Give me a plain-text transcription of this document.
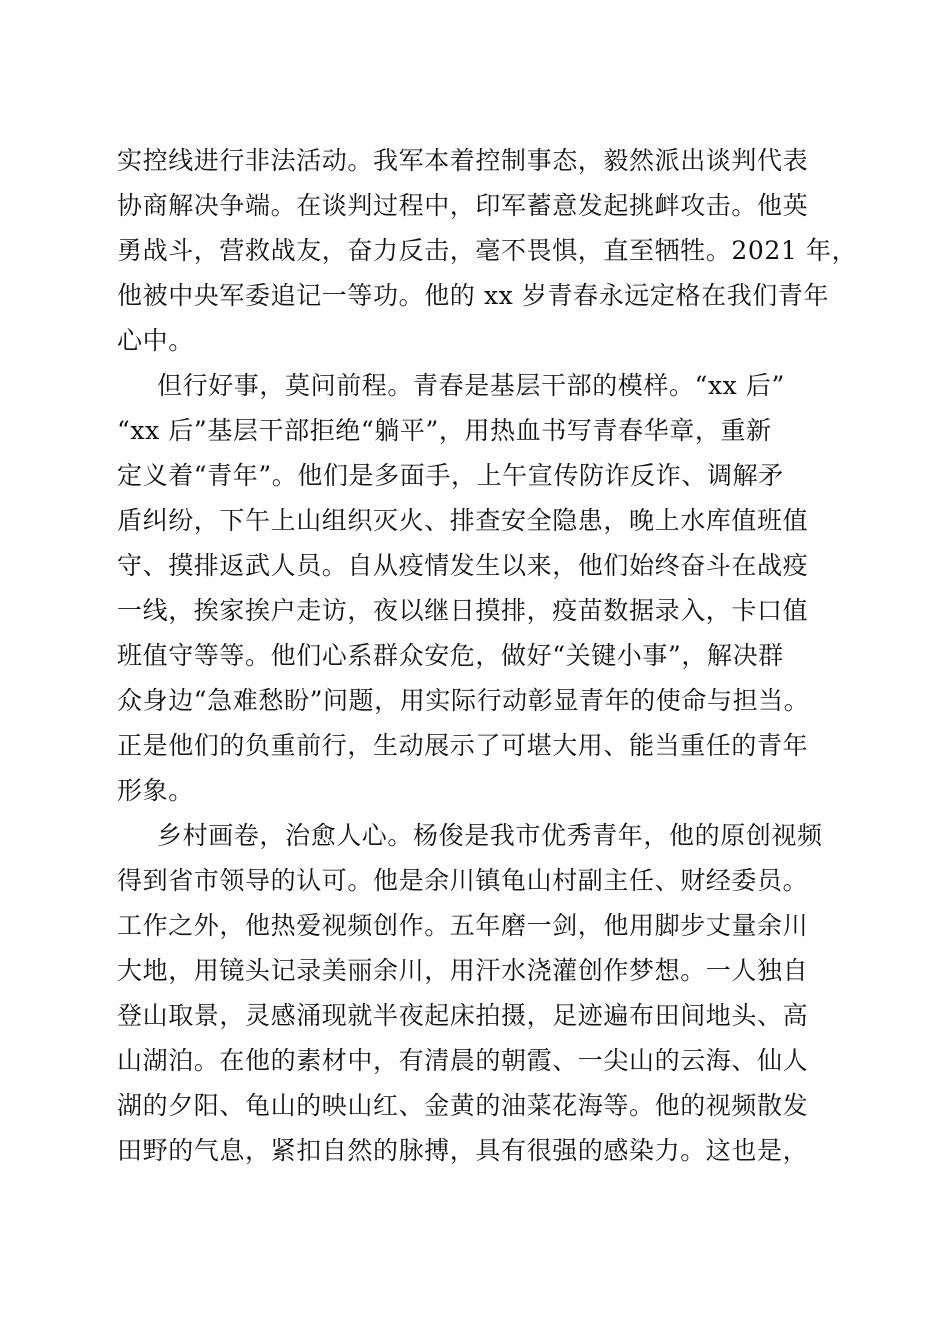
实控线进行非法活动。我军本着控制事态，毅然派出谈判代表
协商解决争端。在谈判过程中，印军蓄意发起挑衅攻击。他英
勇战斗，营救战友，奋力反击，毫不畏惧，直至牺牲。2021 年，
他被中央军委追记一等功。他的 xx 岁青春永远定格在我们青年
心中。
但行好事，莫问前程。青春是基层干部的模样。“xx 后”
“xx 后”基层干部拒绝“躺平”，用热血书写青春华章，重新
定义着“青年”。他们是多面手，上午宣传防诈反诈、调解矛
盾纠纷，下午上山组织灭火、排查安全隐患，晚上水库值班值
守、摸排返武人员。自从疫情发生以来，他们始终奋斗在战疫
一线，挨家挨户走访，夜以继日摸排，疫苗数据录入，卡口值
班值守等等。他们心系群众安危，做好“关键小事”，解决群
众身边“急难愁盼”问题，用实际行动彰显青年的使命与担当。
正是他们的负重前行，生动展示了可堪大用、能当重任的青年
形象。
乡村画卷，治愈人心。杨俊是我市优秀青年，他的原创视频
得到省市领导的认可。他是余川镇龟山村副主任、财经委员。
工作之外，他热爱视频创作。五年磨一剑，他用脚步丈量余川
大地，用镜头记录美丽余川，用汗水浇灌创作梦想。一人独自
登山取景，灵感涌现就半夜起床拍摄，足迹遍布田间地头、高
山湖泊。在他的素材中，有清晨的朝霞、一尖山的云海、仙人
湖的夕阳、龟山的映山红、金黄的油菜花海等。他的视频散发
田野的气息，紧扣自然的脉搏，具有很强的感染力。这也是，
